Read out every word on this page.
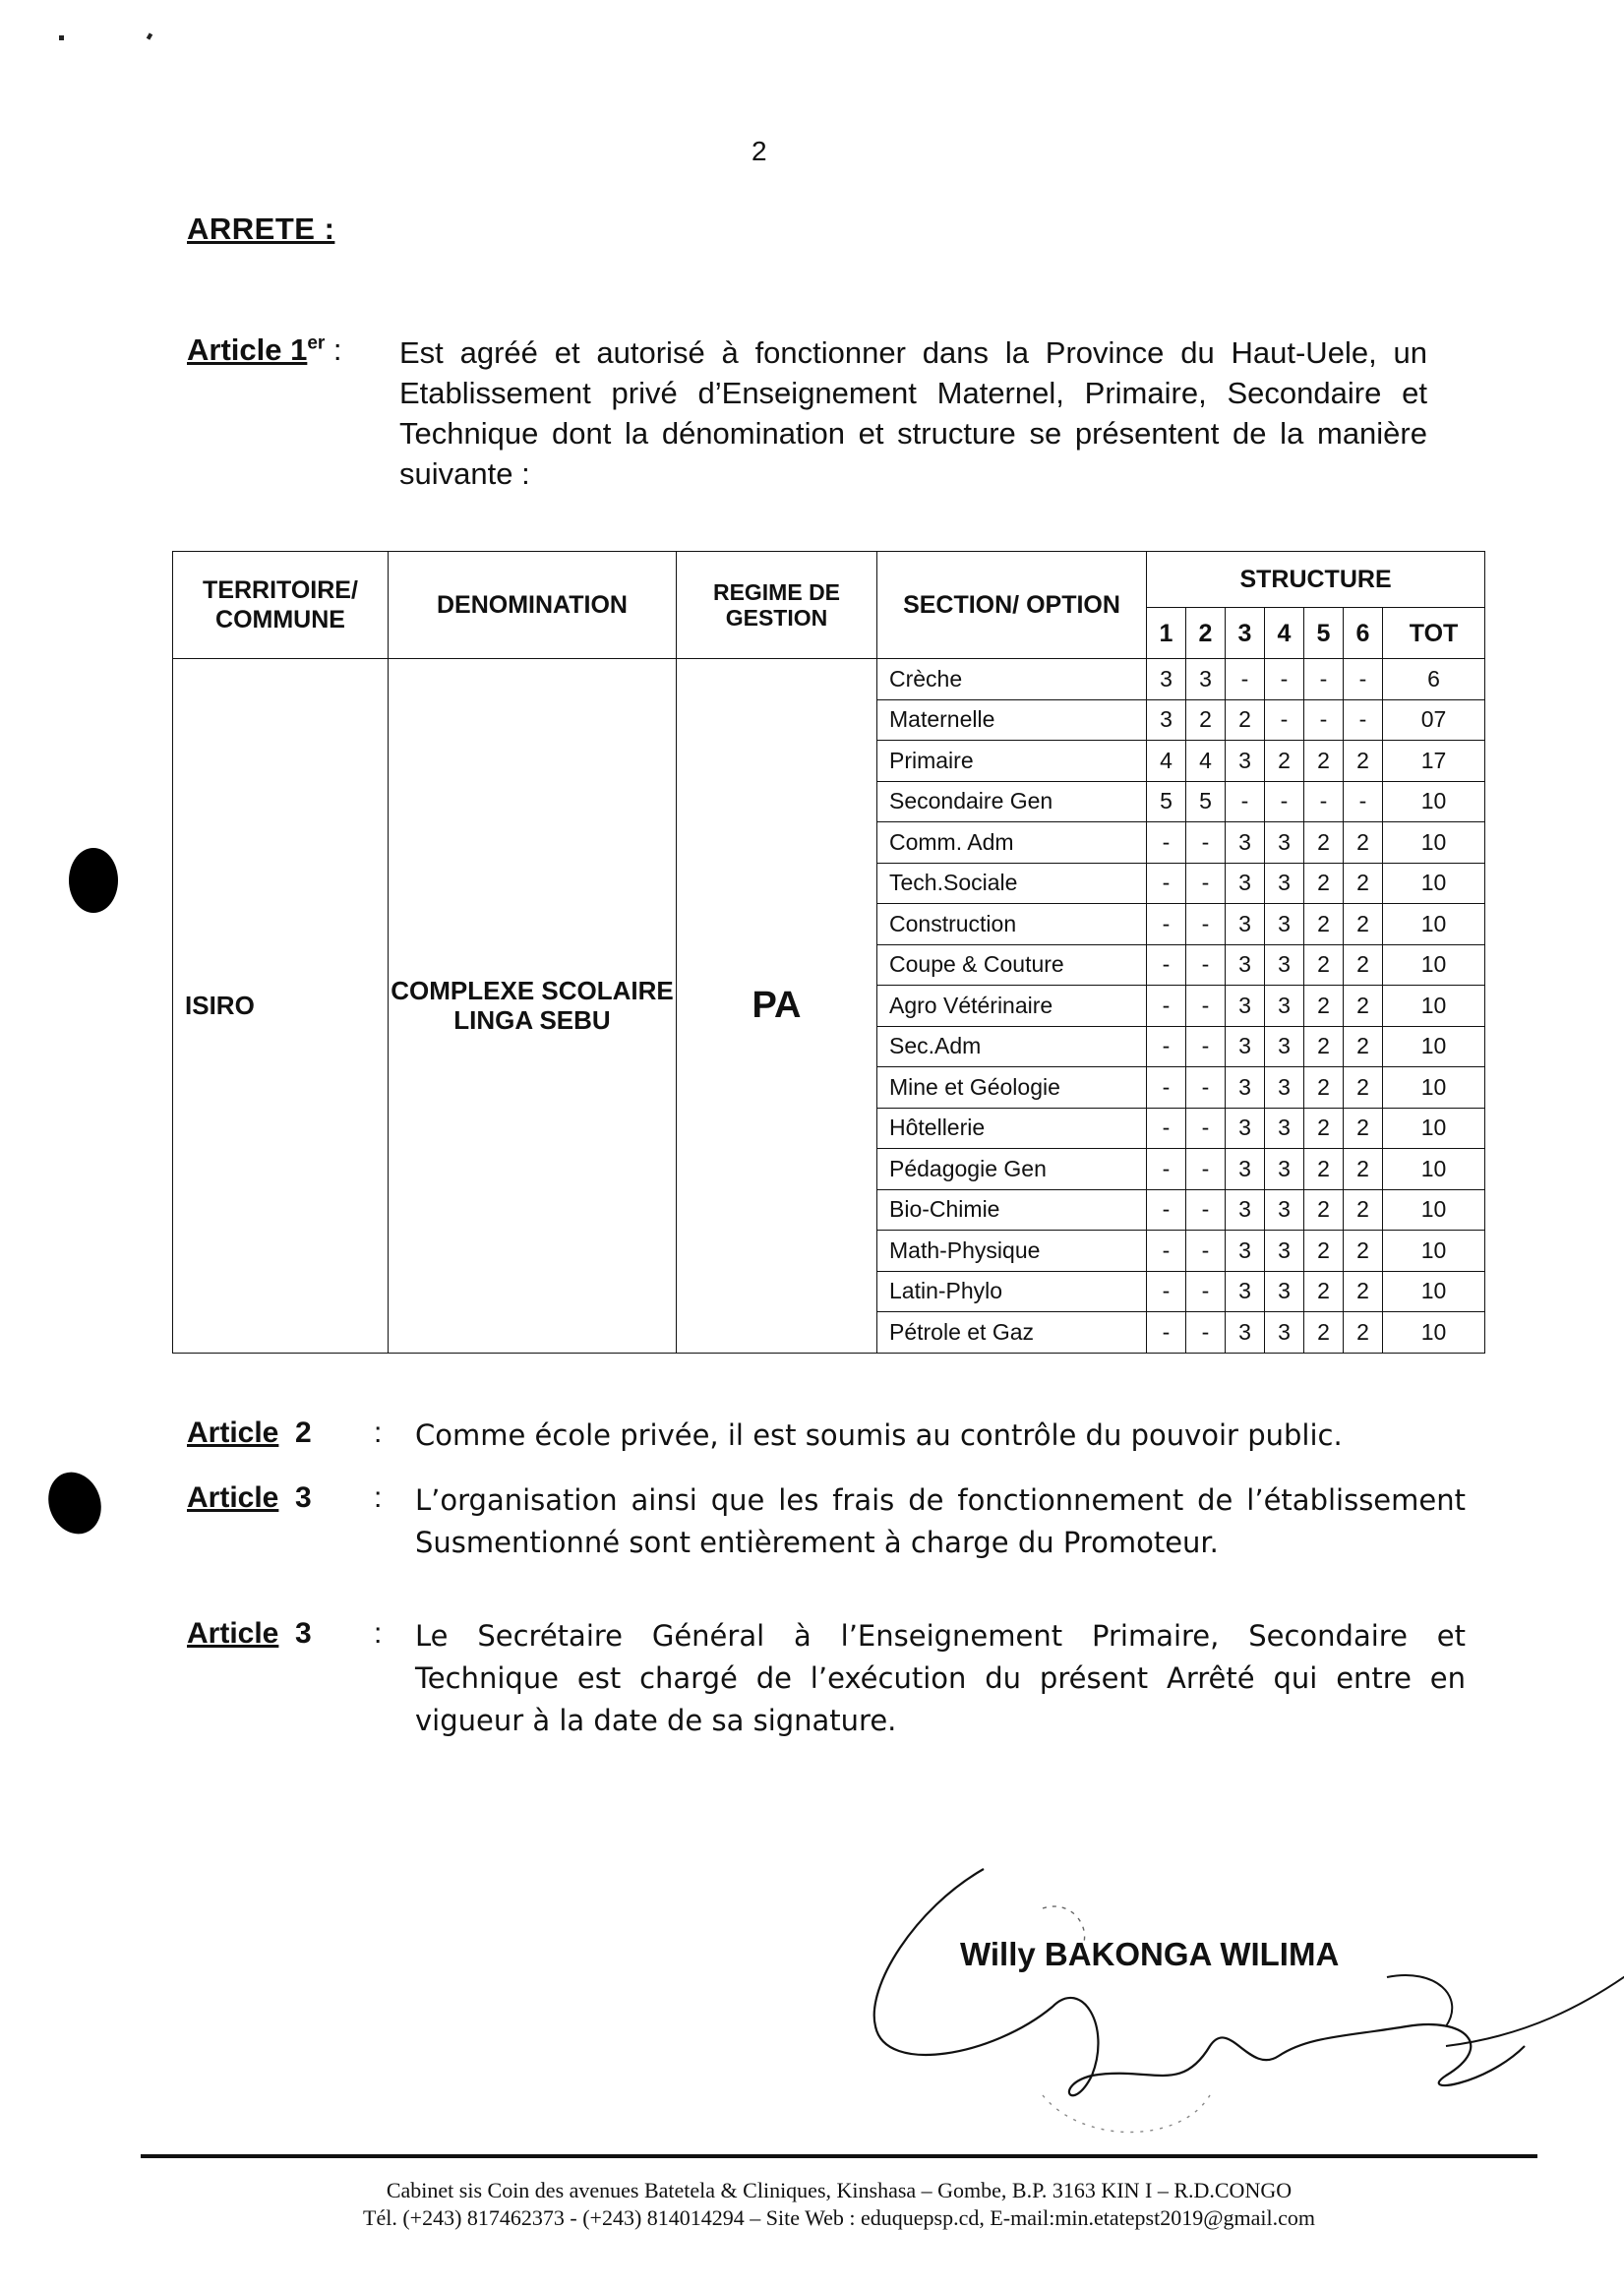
2
ARRETE :
Article 1er : Est agréé et autorisé à fonctionner dans la Province du Haut-Uele, un Etablissement privé d’Enseignement Maternel, Primaire, Secondaire et Technique dont la dénomination et structure se présentent de la manière suivante :
TERRITOIRE/ COMMUNE	DENOMINATION	REGIME DE GESTION	SECTION/ OPTION	STRUCTURE						
				1	2	3	4	5	6	TOT
ISIRO	COMPLEXE SCOLAIRE LINGA SEBU	PA	Crèche	3	3	-	-	-	-	6
			Maternelle	3	2	2	-	-	-	07
			Primaire	4	4	3	2	2	2	17
			Secondaire Gen	5	5	-	-	-	-	10
			Comm. Adm	-	-	3	3	2	2	10
			Tech.Sociale	-	-	3	3	2	2	10
			Construction	-	-	3	3	2	2	10
			Coupe & Couture	-	-	3	3	2	2	10
			Agro Vétérinaire	-	-	3	3	2	2	10
			Sec.Adm	-	-	3	3	2	2	10
			Mine et Géologie	-	-	3	3	2	2	10
			Hôtellerie	-	-	3	3	2	2	10
			Pédagogie Gen	-	-	3	3	2	2	10
			Bio-Chimie	-	-	3	3	2	2	10
			Math-Physique	-	-	3	3	2	2	10
			Latin-Phylo	-	-	3	3	2	2	10
			Pétrole et Gaz	-	-	3	3	2	2	10
Article 2 : Comme école privée, il est soumis au contrôle du pouvoir public.
Article 3 : L’organisation ainsi que les frais de fonctionnement de l’établissement Susmentionné sont entièrement à charge du Promoteur.
Article 3 : Le Secrétaire Général à l’Enseignement Primaire, Secondaire et Technique est chargé de l’exécution du présent Arrêté qui entre en vigueur à la date de sa signature.
Willy BAKONGA WILIMA
Cabinet sis Coin des avenues Batetela & Cliniques, Kinshasa – Gombe, B.P. 3163 KIN I – R.D.CONGO
Tél. (+243) 817462373 - (+243) 814014294 – Site Web : eduquepsp.cd, E-mail:min.etatepst2019@gmail.com
